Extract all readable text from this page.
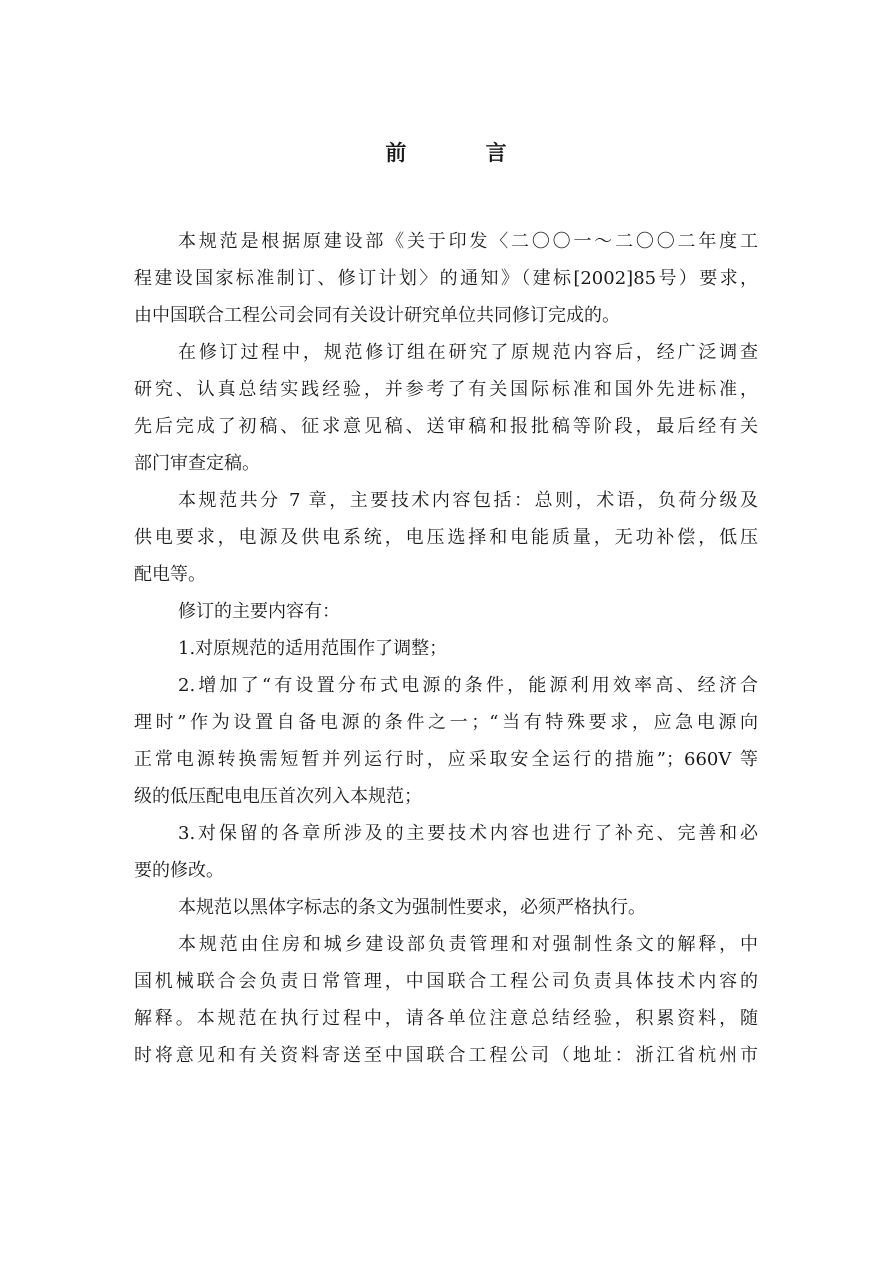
前 言
本规范是根据原建设部《关于印发〈二〇〇一～二〇〇二年度工
程建设国家标准制订、修订计划〉的通知》（建标[2002]85号）要求，
由中国联合工程公司会同有关设计研究单位共同修订完成的。
在修订过程中，规范修订组在研究了原规范内容后，经广泛调查
研究、认真总结实践经验，并参考了有关国际标准和国外先进标准，
先后完成了初稿、征求意见稿、送审稿和报批稿等阶段，最后经有关
部门审查定稿。
本规范共分 7 章，主要技术内容包括：总则，术语，负荷分级及
供电要求，电源及供电系统，电压选择和电能质量，无功补偿，低压
配电等。
修订的主要内容有：
1.对原规范的适用范围作了调整；
2.增加了“有设置分布式电源的条件，能源利用效率高、经济合
理时”作为设置自备电源的条件之一；“当有特殊要求，应急电源向
正常电源转换需短暂并列运行时，应采取安全运行的措施”；660V 等
级的低压配电电压首次列入本规范；
3.对保留的各章所涉及的主要技术内容也进行了补充、完善和必
要的修改。
本规范以黑体字标志的条文为强制性要求，必须严格执行。
本规范由住房和城乡建设部负责管理和对强制性条文的解释，中
国机械联合会负责日常管理，中国联合工程公司负责具体技术内容的
解释。本规范在执行过程中，请各单位注意总结经验，积累资料，随
时将意见和有关资料寄送至中国联合工程公司（地址：浙江省杭州市
